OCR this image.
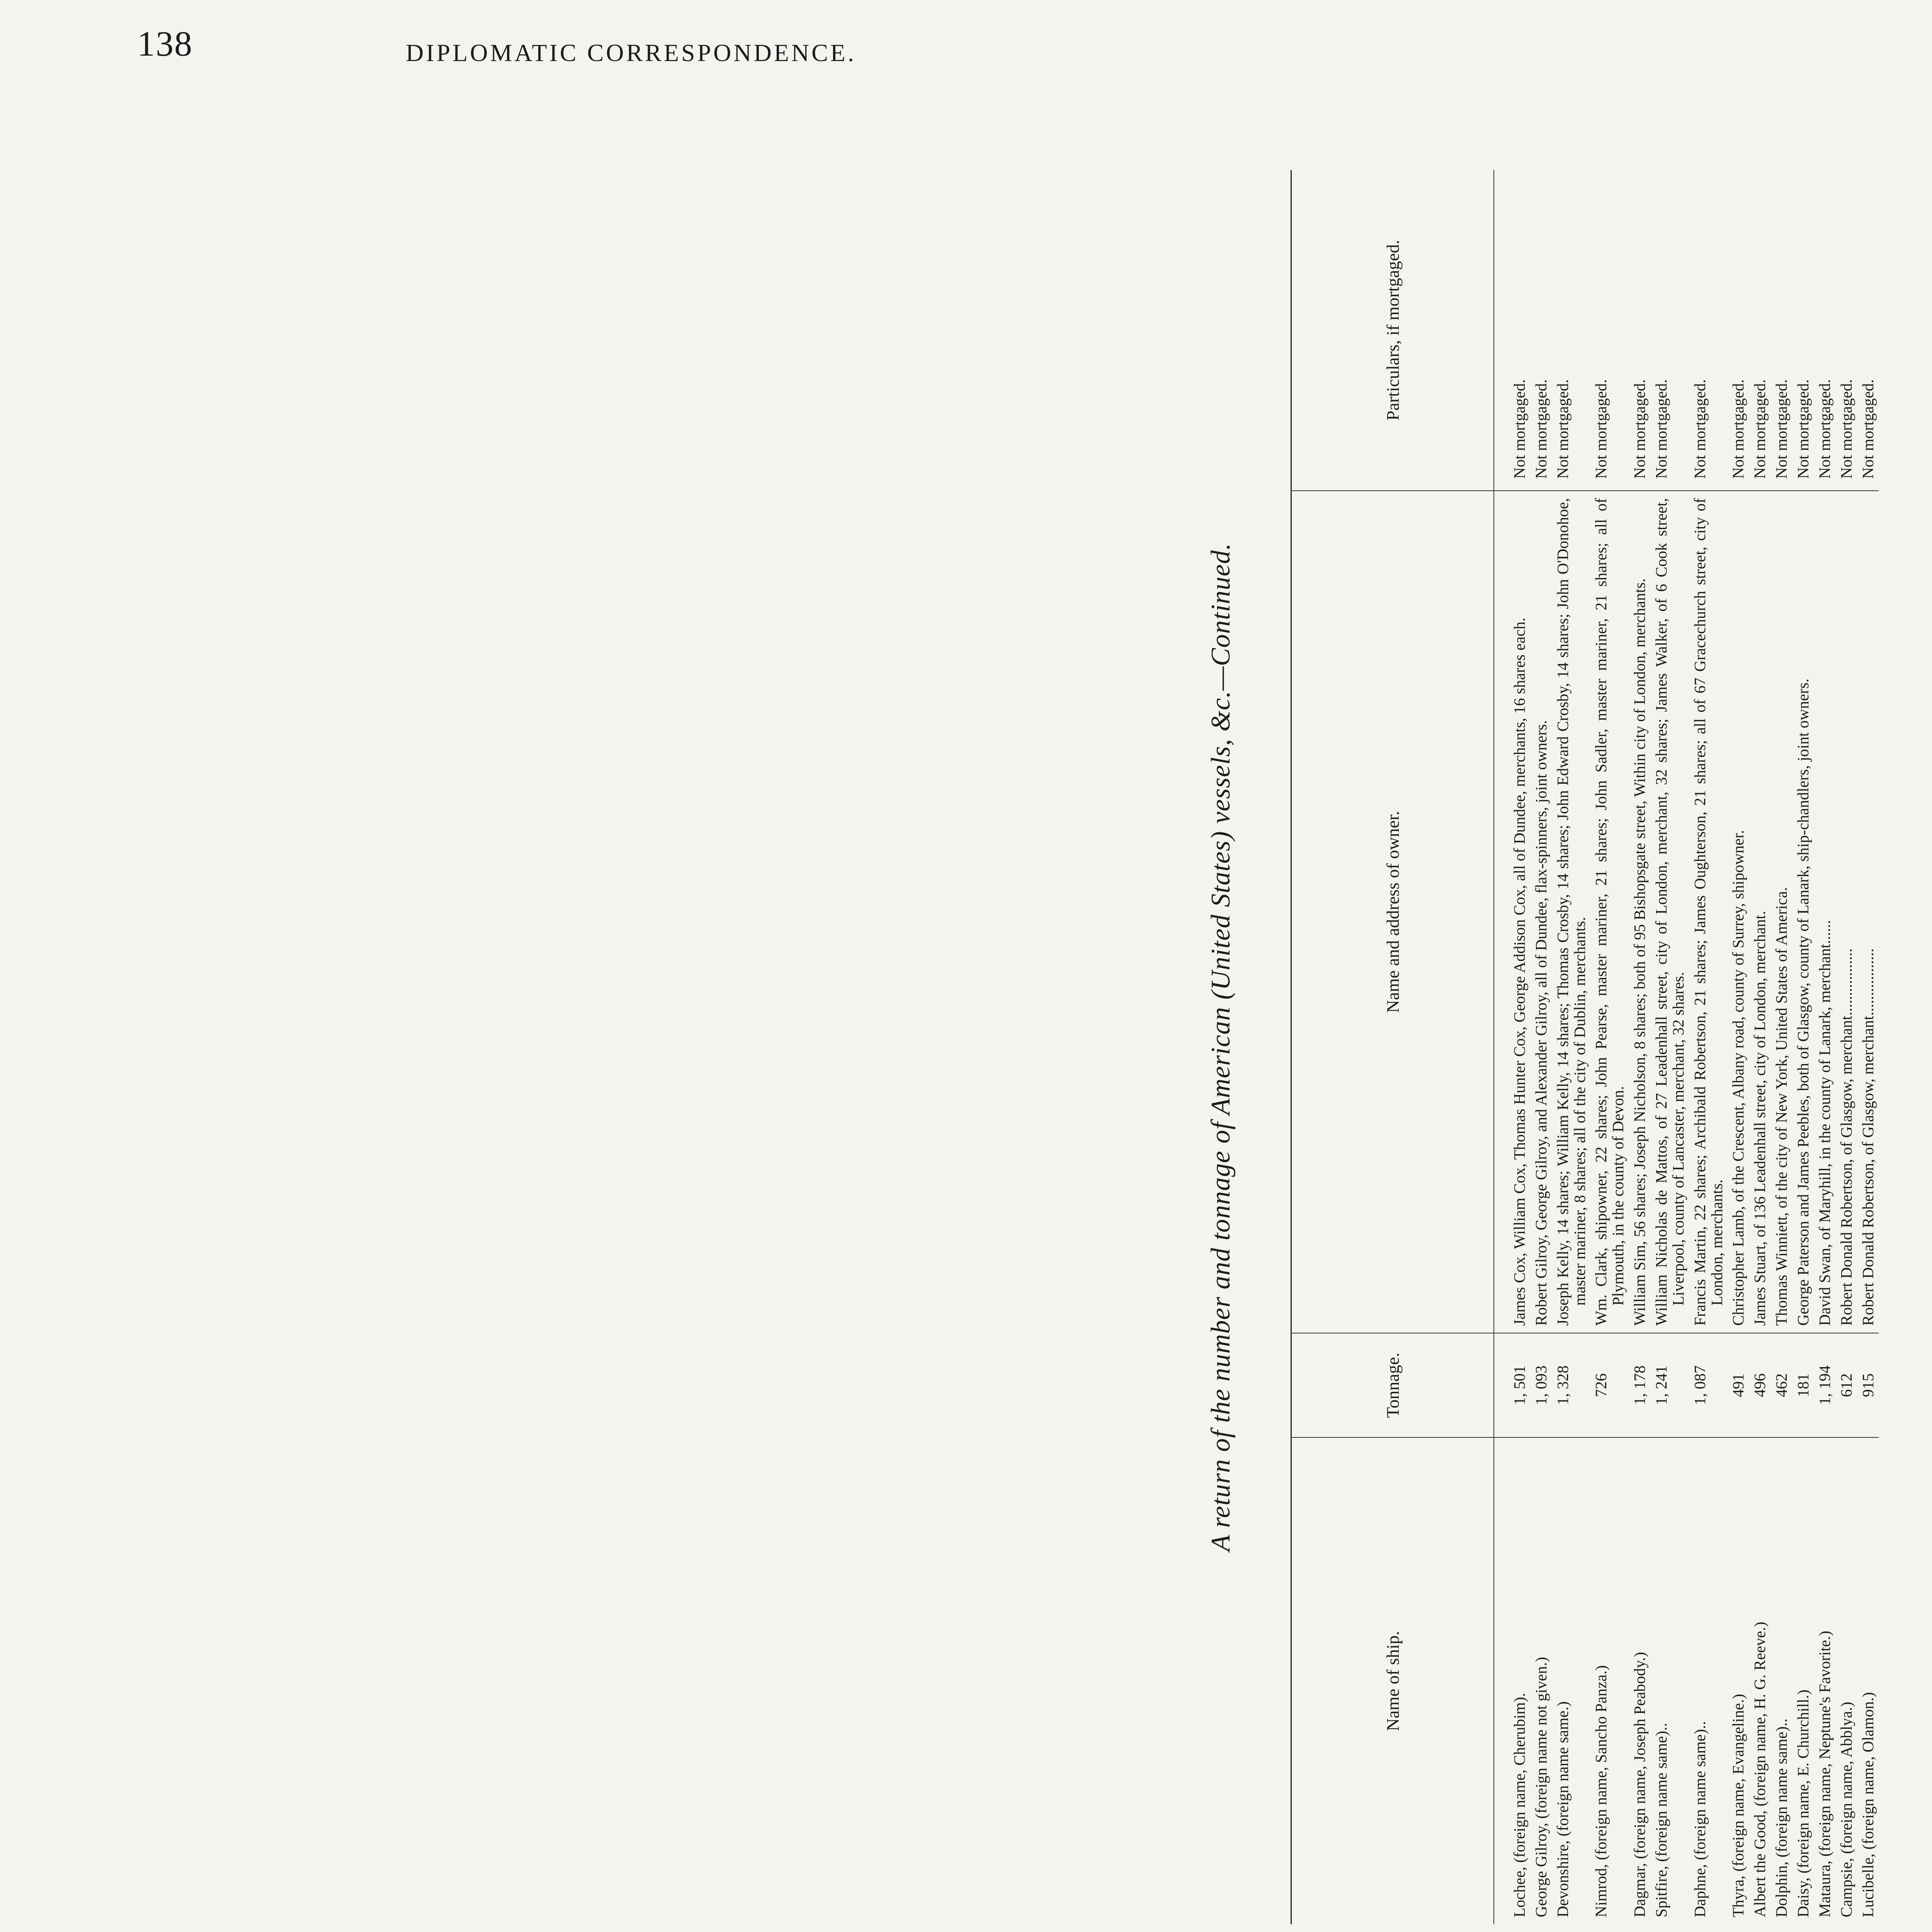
138	DIPLOMATIC CORRESPONDENCE.
A return of the number and tonnage of American (United States) vessels, &c.—Continued.
Name of ship.	Tonnage.	Name and address of owner.	Particulars, if mortgaged.
Lochee, (foreign name, Cherubim).	1, 501	James Cox, William Cox, Thomas Hunter Cox, George Addison Cox, all of Dundee, merchants, 16 shares each.	Not mortgaged.
George Gilroy, (foreign name not given.)	1, 093	Robert Gilroy, George Gilroy, and Alexander Gilroy, all of Dundee, flax-spinners, joint owners.	Not mortgaged.
Devonshire, (foreign name same.)	1, 328	Joseph Kelly, 14 shares; William Kelly, 14 shares; Thomas Crosby, 14 shares; John Edward Crosby, 14 shares; John O'Donohoe, master mariner, 8 shares; all of the city of Dublin, merchants.	Not mortgaged.
Nimrod, (foreign name, Sancho Panza.)	726	Wm. Clark, shipowner, 22 shares; John Pearse, master mariner, 21 shares; John Sadler, master mariner, 21 shares; all of Plymouth, in the county of Devon.	Not mortgaged.
Dagmar, (foreign name, Joseph Peabody.)	1, 178	William Sim, 56 shares; Joseph Nicholson, 8 shares; both of 95 Bishopsgate street, Within city of London, merchants.	Not mortgaged.
Spitfire, (foreign name same)..	1, 241	William Nicholas de Mattos, of 27 Leadenhall street, city of London, merchant, 32 shares; James Walker, of 6 Cook street, Liverpool, county of Lancaster, merchant, 32 shares.	Not mortgaged.
Daphne, (foreign name same)..	1, 087	Francis Martin, 22 shares; Archibald Robertson, 21 shares; James Oughterson, 21 shares; all of 67 Gracechurch street, city of London, merchants.	Not mortgaged.
Thyra, (foreign name, Evangeline.)	491	Christopher Lamb, of the Crescent, Albany road, county of Surrey, shipowner.	Not mortgaged.
Albert the Good, (foreign name, H. G. Reeve.)	496	James Stuart, of 136 Leadenhall street, city of London, merchant.	Not mortgaged.
Dolphin, (foreign name same)..	462	Thomas Winniett, of the city of New York, United States of America.	Not mortgaged.
Daisy, (foreign name, E. Churchill.)	181	George Paterson and James Peebles, both of Glasgow, county of Lanark, ship-chandlers, joint owners.	Not mortgaged.
Mataura, (foreign name, Neptune's Favorite.)	1, 194	David Swan, of Maryhill, in the county of Lanark, merchant......	Not mortgaged.
Campsie, (foreign name, Abblya.)	612	Robert Donald Robertson, of Glasgow, merchant.................	Not mortgaged.
Lucibelle, (foreign name, Olamon.)	915	Robert Donald Robertson, of Glasgow, merchant.................	Not mortgaged.
